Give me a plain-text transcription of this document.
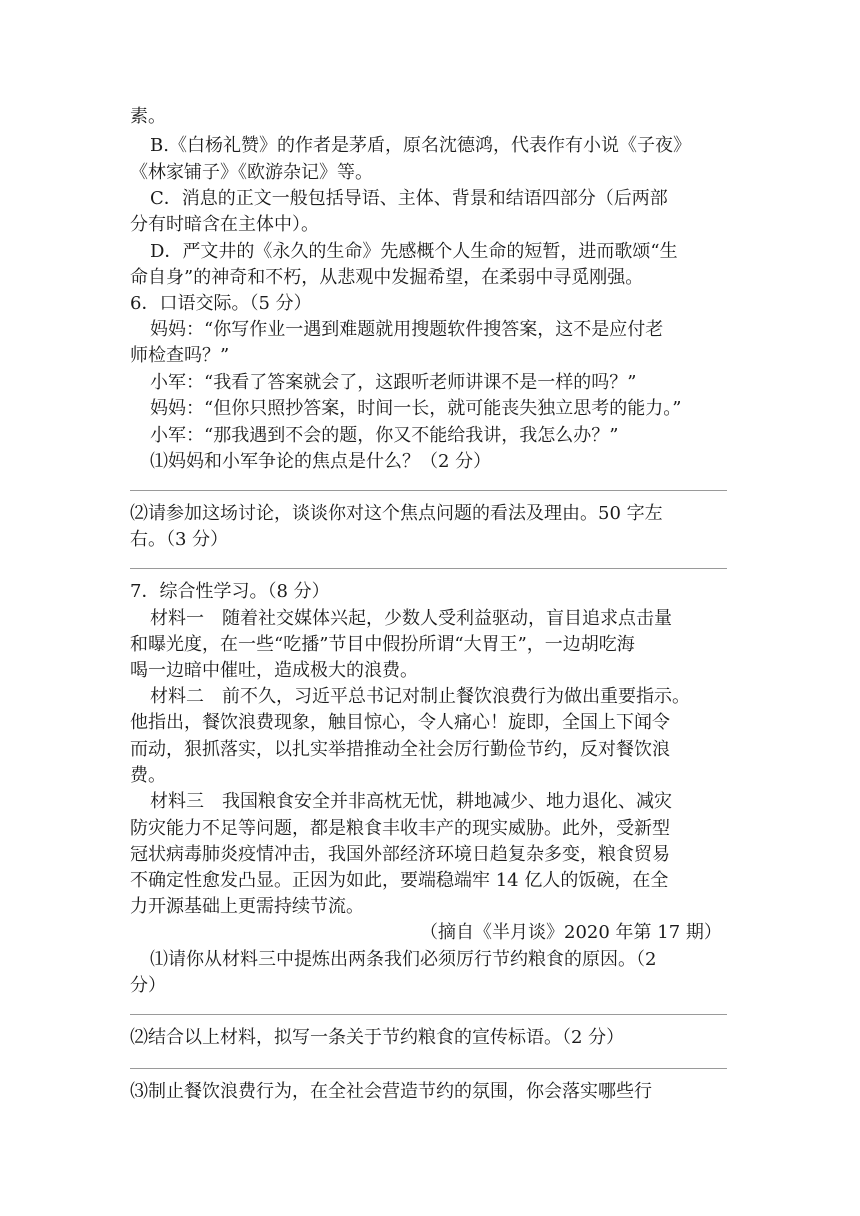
素。
B.《白杨礼赞》的作者是茅盾，原名沈德鸿，代表作有小说《子夜》
《林家铺子》《欧游杂记》等。
C．消息的正文一般包括导语、主体、背景和结语四部分（后两部
分有时暗含在主体中）。
D．严文井的《永久的生命》先感概个人生命的短暂，进而歌颂“生
命自身”的神奇和不朽，从悲观中发掘希望，在柔弱中寻觅刚强。
6．口语交际。（5 分）
妈妈：“你写作业一遇到难题就用搜题软件搜答案，这不是应付老
师检查吗？”
小军：“我看了答案就会了，这跟听老师讲课不是一样的吗？”
妈妈：“但你只照抄答案，时间一长，就可能丧失独立思考的能力。”
小军：“那我遇到不会的题，你又不能给我讲，我怎么办？”
⑴妈妈和小军争论的焦点是什么？（2 分）
⑵请参加这场讨论，谈谈你对这个焦点问题的看法及理由。50 字左
右。（3 分）
7．综合性学习。（8 分）
材料一　随着社交媒体兴起，少数人受利益驱动，盲目追求点击量
和曝光度，在一些“吃播”节目中假扮所谓“大胃王”，一边胡吃海
喝一边暗中催吐，造成极大的浪费。
材料二　前不久，习近平总书记对制止餐饮浪费行为做出重要指示。
他指出，餐饮浪费现象，触目惊心，令人痛心！旋即，全国上下闻令
而动，狠抓落实，以扎实举措推动全社会厉行勤俭节约，反对餐饮浪
费。
材料三　我国粮食安全并非高枕无忧，耕地减少、地力退化、减灾
防灾能力不足等问题，都是粮食丰收丰产的现实威胁。此外，受新型
冠状病毒肺炎疫情冲击，我国外部经济环境日趋复杂多变，粮食贸易
不确定性愈发凸显。正因为如此，要端稳端牢 14 亿人的饭碗，在全
力开源基础上更需持续节流。
（摘自《半月谈》2020 年第 17 期）
⑴请你从材料三中提炼出两条我们必须厉行节约粮食的原因。（2
分）
⑵结合以上材料，拟写一条关于节约粮食的宣传标语。（2 分）
⑶制止餐饮浪费行为，在全社会营造节约的氛围，你会落实哪些行
